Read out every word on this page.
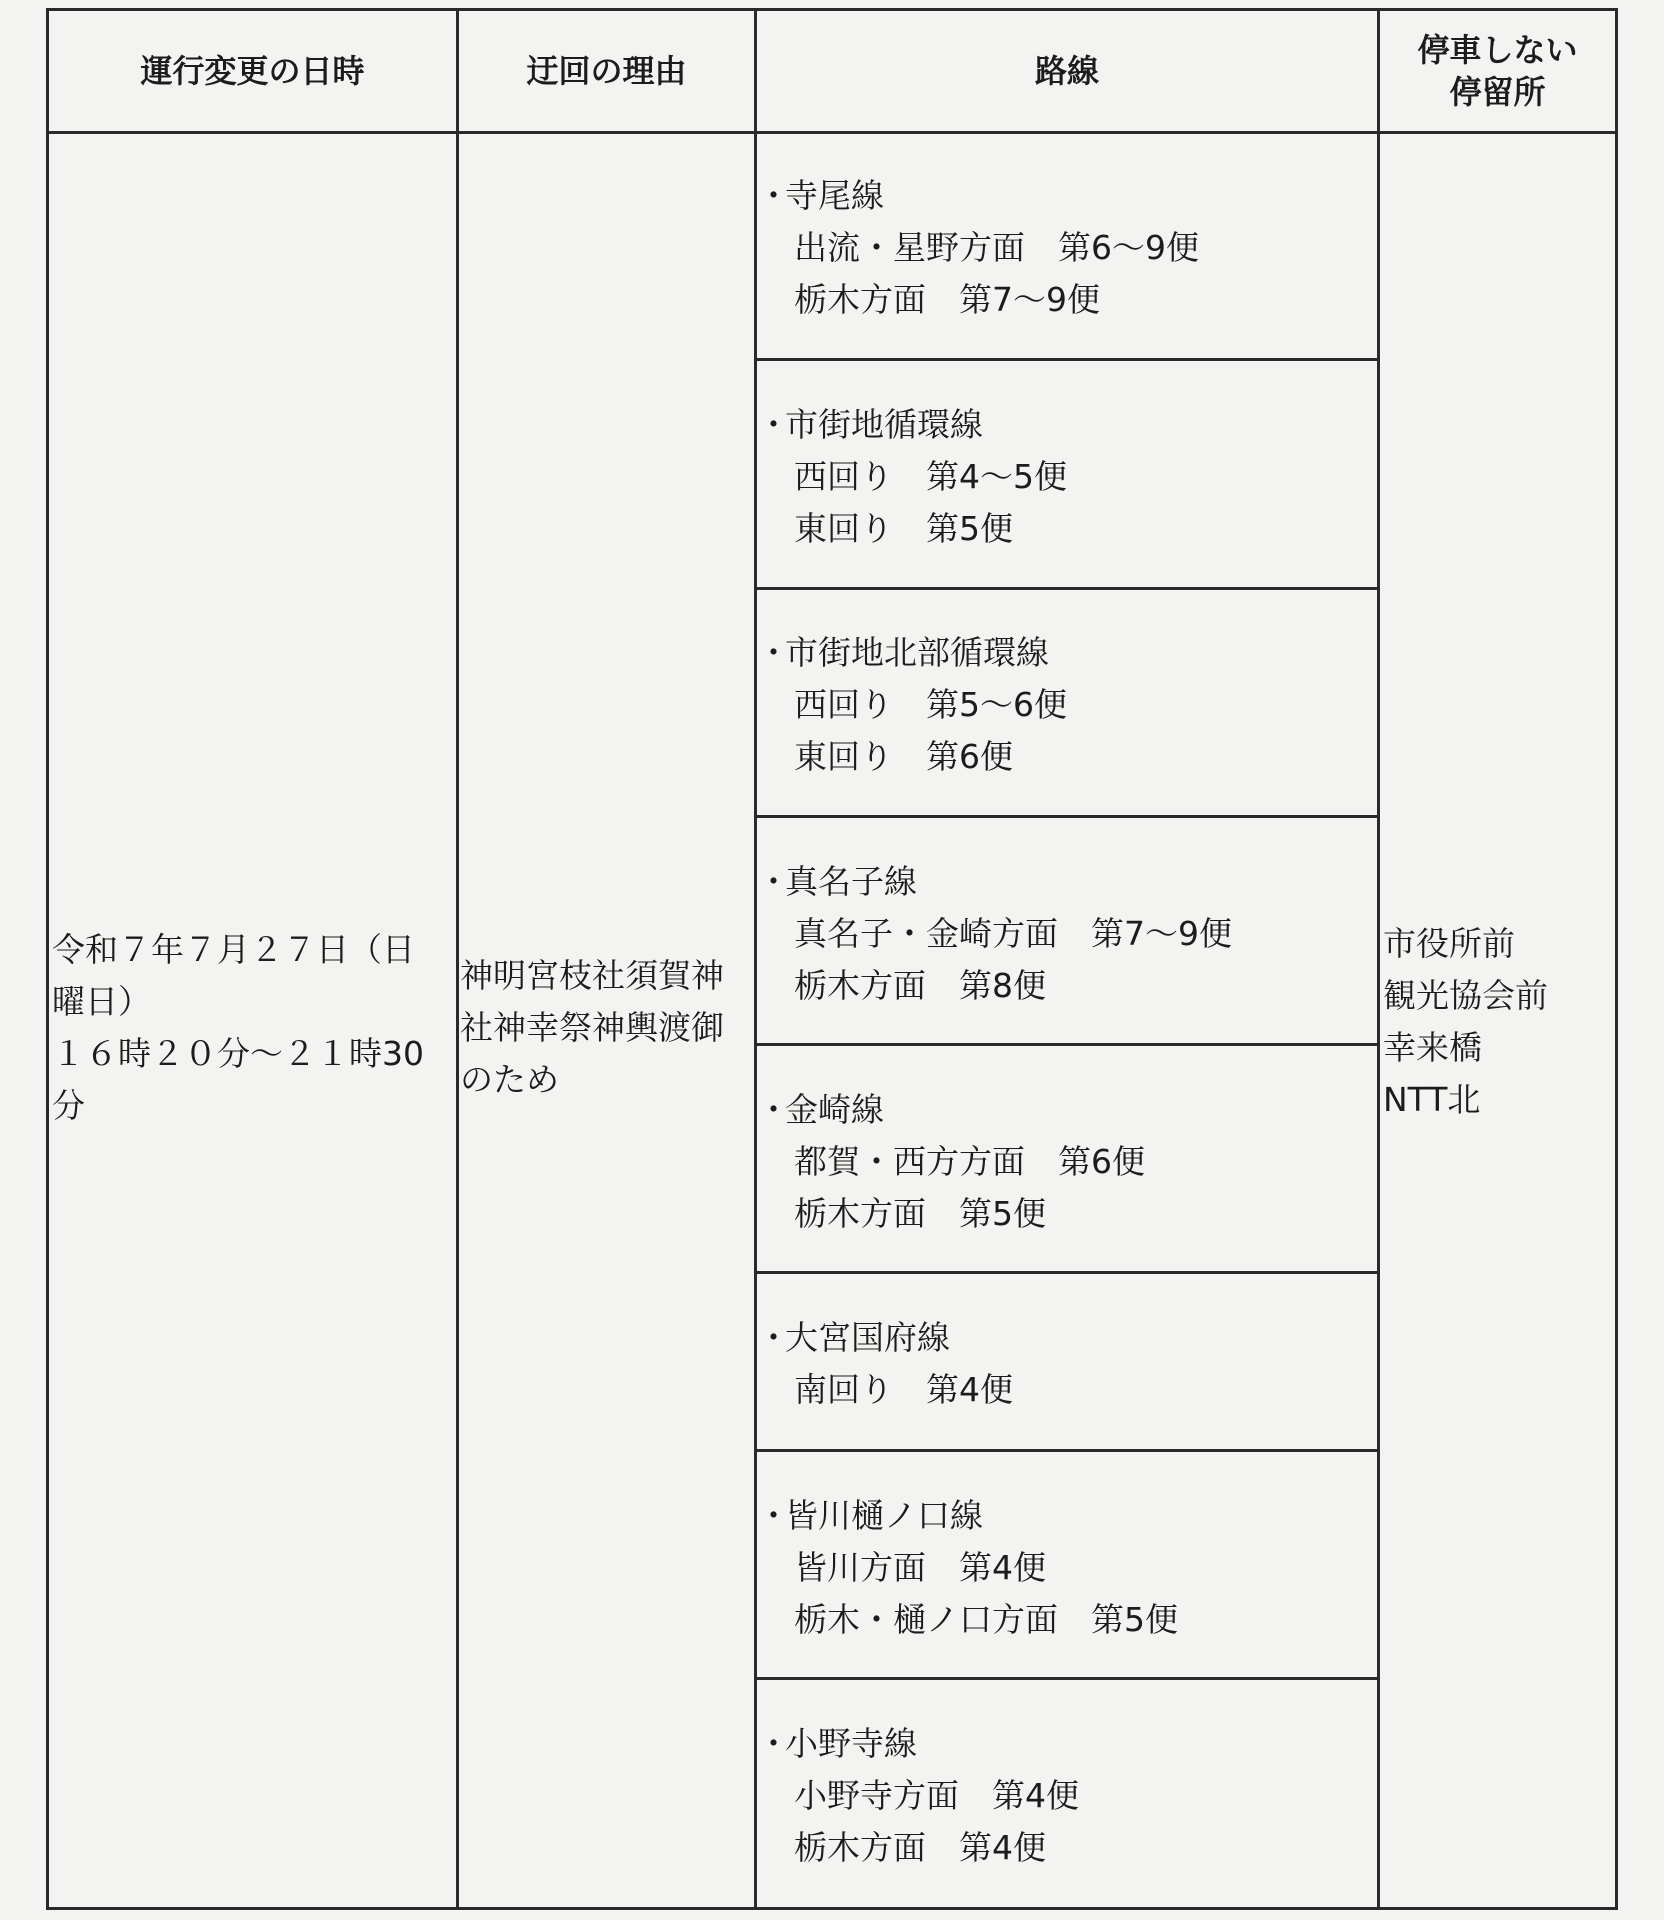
運行変更の日時	迂回の理由	路線
停車しない
停留所
令和７年７月２７日（日
曜日）
１６時２０分～２１時30
分
神明宮枝社須賀神
社神幸祭神輿渡御
のため
・
寺尾線
出流・星野方面　第6～9便
栃木方面　第7～9便
・
市街地循環線
西回り　第4～5便
東回り　第5便
・
市街地北部循環線
西回り　第5～6便
東回り　第6便
・
真名子線
真名子・金崎方面　第7～9便
栃木方面　第8便
・
金崎線
都賀・西方方面　第6便
栃木方面　第5便
・
大宮国府線
南回り　第4便
・
皆川樋ノ口線
皆川方面　第4便
栃木・樋ノ口方面　第5便
・
小野寺線
小野寺方面　第4便
栃木方面　第4便
市役所前
観光協会前
幸来橋
NTT北
